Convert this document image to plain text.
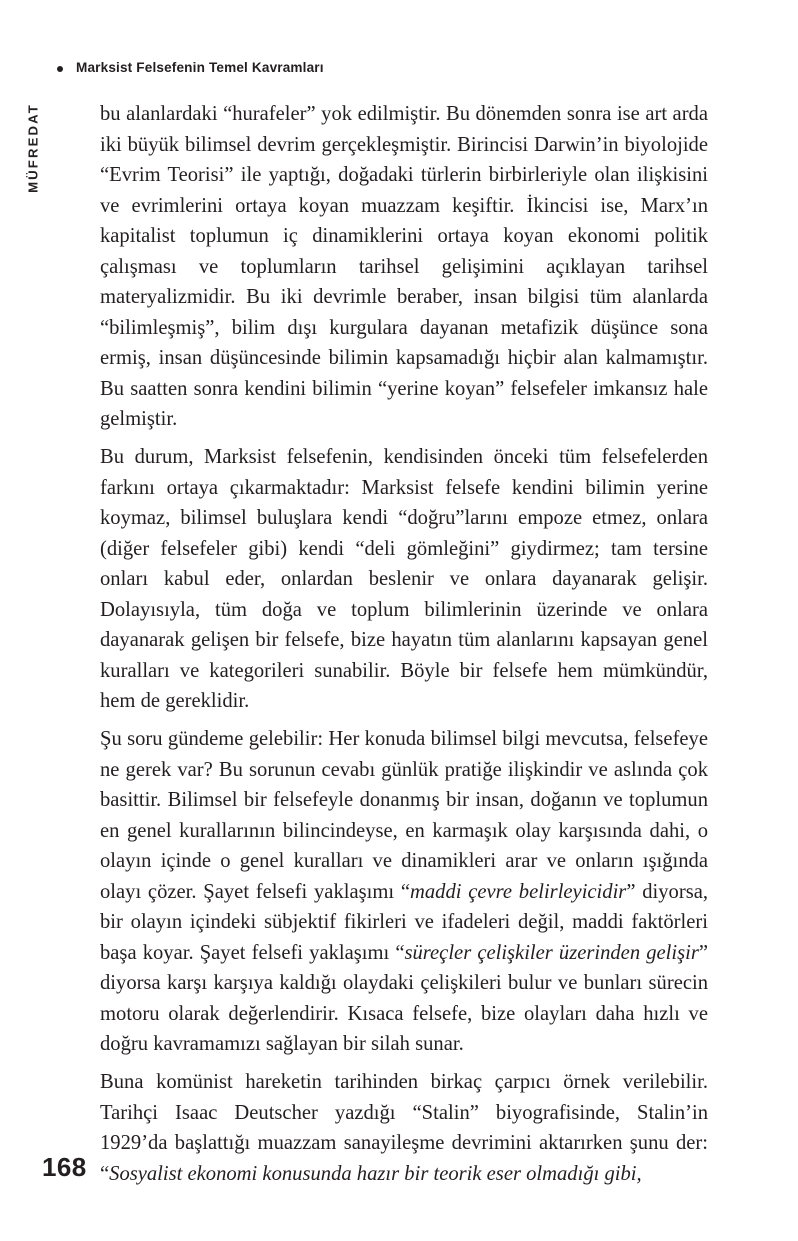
Marksist Felsefenin Temel Kavramları
MÜFREDAT	bu alanlardaki “hurafeler” yok edilmiştir. Bu dönemden sonra ise art arda iki büyük bilimsel devrim gerçekleşmiştir. Birincisi Darwin’in biyolojide “Evrim Teorisi” ile yaptığı, doğadaki türlerin birbirleriyle olan ilişkisini ve evrimlerini ortaya koyan muazzam keşiftir. İkincisi ise, Marx’ın kapitalist toplumun iç dinamiklerini ortaya koyan ekonomi politik çalışması ve toplumların tarihsel gelişimini açıklayan tarihsel materyalizmidir. Bu iki devrimle beraber, insan bilgisi tüm alanlarda “bilimleşmiş”, bilim dışı kurgulara dayanan metafizik düşünce sona ermiş, insan düşüncesinde bilimin kapsamadığı hiçbir alan kalmamıştır. Bu saatten sonra kendini bilimin “yerine koyan” felsefeler imkansız hale gelmiştir.

Bu durum, Marksist felsefenin, kendisinden önceki tüm felsefelerden farkını ortaya çıkarmaktadır: Marksist felsefe kendini bilimin yerine koymaz, bilimsel buluşlara kendi “doğru”larını empoze etmez, onlara (diğer felsefeler gibi) kendi “deli gömleğini” giydirmez; tam tersine onları kabul eder, onlardan beslenir ve onlara dayanarak gelişir. Dolayısıyla, tüm doğa ve toplum bilimlerinin üzerinde ve onlara dayanarak gelişen bir felsefe, bize hayatın tüm alanlarını kapsayan genel kuralları ve kategorileri sunabilir. Böyle bir felsefe hem mümkündür, hem de gereklidir.

Şu soru gündeme gelebilir: Her konuda bilimsel bilgi mevcutsa, felsefeye ne gerek var? Bu sorunun cevabı günlük pratiğe ilişkindir ve aslında çok basittir. Bilimsel bir felsefeyle donanmış bir insan, doğanın ve toplumun en genel kurallarının bilincindeyse, en karmaşık olay karşısında dahi, o olayın içinde o genel kuralları ve dinamikleri arar ve onların ışığında olayı çözer. Şayet felsefi yaklaşımı “maddi çevre belirleyicidir” diyorsa, bir olayın içindeki sübjektif fikirleri ve ifadeleri değil, maddi faktörleri başa koyar. Şayet felsefi yaklaşımı “süreçler çelişkiler üzerinden gelişir” diyorsa karşı karşıya kaldığı olaydaki çelişkileri bulur ve bunları sürecin motoru olarak değerlendirir. Kısaca felsefe, bize olayları daha hızlı ve doğru kavramamızı sağlayan bir silah sunar.

Buna komünist hareketin tarihinden birkaç çarpıcı örnek verilebilir. Tarihçi Isaac Deutscher yazdığı “Stalin” biyografisinde, Stalin’in 1929’da başlattığı muazzam sanayileşme devrimini aktarırken şunu der: “Sosyalist ekonomi konusunda hazır bir teorik eser olmadığı gibi,

168
